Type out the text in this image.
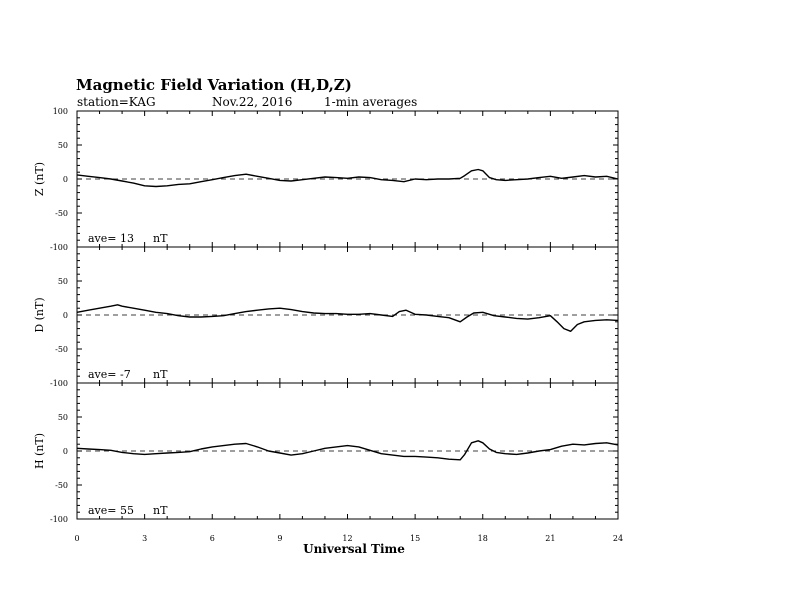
Magnetic Field Variation (H,D,Z)
station=KAG	Nov.22, 2016	1-min averages
Universal Time
-100
-50
0
50
100
Z (nT)
ave= 13 nT
-100
-50
0
50
D (nT)
ave= -7 nT
-100
-50
0
50
H (nT)
ave= 55 nT
0	3	6	9	12	15	18	21	24
